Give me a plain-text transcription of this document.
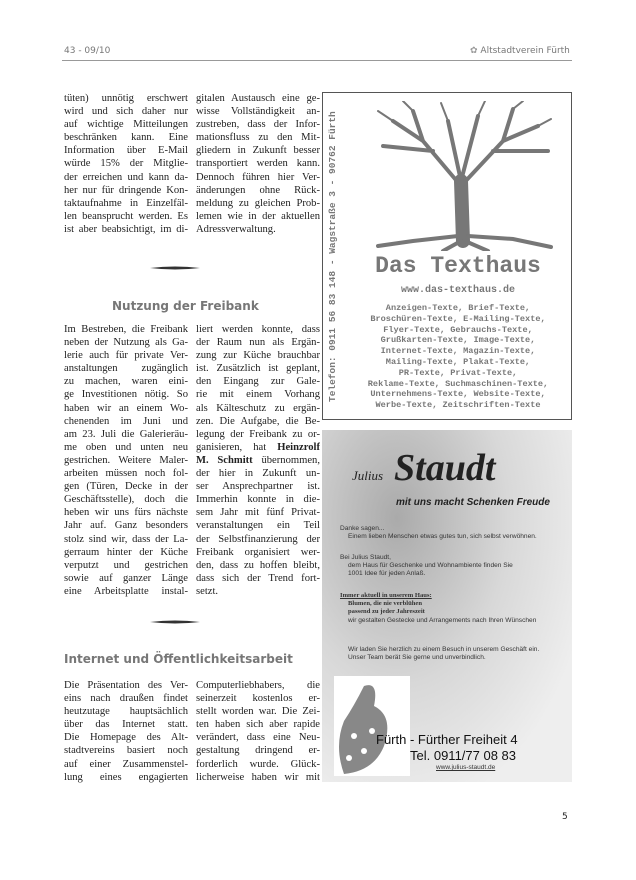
43 - 09/10	✿ Altstadtverein Fürth
tüten) unnötig erschwert
wird und sich daher nur
auf wichtige Mitteilungen
beschränken kann. Eine
Information über E-Mail
würde 15% der Mitglie-
der erreichen und kann da-
her nur für dringende Kon-
taktaufnahme in Einzelfäl-
len beansprucht werden. Es
ist aber beabsichtigt, im di-
gitalen Austausch eine ge-
wisse Vollständigkeit an-
zustreben, dass der Infor-
mationsfluss zu den Mit-
gliedern in Zukunft besser
transportiert werden kann.
Dennoch führen hier Ver-
änderungen ohne Rück-
meldung zu gleichen Prob-
lemen wie in der aktuellen
Adressverwaltung.
Nutzung der Freibank
Im Bestreben, die Freibank
neben der Nutzung als Ga-
lerie auch für private Ver-
anstaltungen zugänglich
zu machen, waren eini-
ge Investitionen nötig. So
haben wir an einem Wo-
chenenden im Juni und
am 23. Juli die Galerieräu-
me oben und unten neu
gestrichen. Weitere Maler-
arbeiten müssen noch fol-
gen (Türen, Decke in der
Geschäftsstelle), doch die
heben wir uns fürs nächste
Jahr auf. Ganz besonders
stolz sind wir, dass der La-
gerraum hinter der Küche
verputzt und gestrichen
sowie auf ganzer Länge
eine Arbeitsplatte instal-
liert werden konnte, dass
der Raum nun als Ergän-
zung zur Küche brauchbar
ist. Zusätzlich ist geplant,
den Eingang zur Gale-
rie mit einem Vorhang
als Kälteschutz zu ergän-
zen. Die Aufgabe, die Be-
legung der Freibank zu or-
ganisieren, hat Heinzrolf
M. Schmitt übernommen,
der hier in Zukunft un-
ser Ansprechpartner ist.
Immerhin konnte in die-
sem Jahr mit fünf Privat-
veranstaltungen ein Teil
der Selbstfinanzierung der
Freibank organisiert wer-
den, dass zu hoffen bleibt,
dass sich der Trend fort-
setzt.
Internet und Öffentlichkeitsarbeit
Die Präsentation des Ver-
eins nach draußen findet
heutzutage hauptsächlich
über das Internet statt.
Die Homepage des Alt-
stadtvereins basiert noch
auf einer Zusammenstel-
lung eines engagierten
Computerliebhabers, die
seinerzeit kostenlos er-
stellt worden war. Die Zei-
ten haben sich aber rapide
verändert, dass eine Neu-
gestaltung dringend er-
forderlich wurde. Glück-
licherweise haben wir mit
Telefon: 0911 56 83 148 - Wagstraße 3 - 90762 Fürth	Das Texthaus
www.das-texthaus.de
Anzeigen-Texte, Brief-Texte,
Broschüren-Texte, E-Mailing-Texte,
Flyer-Texte, Gebrauchs-Texte,
Grußkarten-Texte, Image-Texte,
Internet-Texte, Magazin-Texte,
Mailing-Texte, Plakat-Texte,
PR-Texte, Privat-Texte,
Reklame-Texte, Suchmaschinen-Texte,
Unternehmens-Texte, Website-Texte,
Werbe-Texte, Zeitschriften-Texte
Julius Staudt
mit uns macht Schenken Freude
Danke sagen...
Einem lieben Menschen etwas gutes tun, sich selbst verwöhnen.
Bei Julius Staudt,
dem Haus für Geschenke und Wohnambiente finden Sie
1001 Idee für jeden Anlaß.
Immer aktuell in unserem Haus:
Blumen, die nie verblühen
passend zu jeder Jahreszeit
wir gestalten Gestecke und Arrangements nach Ihren Wünschen
Wir laden Sie herzlich zu einem Besuch in unserem Geschäft ein.
Unser Team berät Sie gerne und unverbindlich.
Fürth - Fürther Freiheit 4
Tel. 0911/77 08 83
www.julius-staudt.de
5
